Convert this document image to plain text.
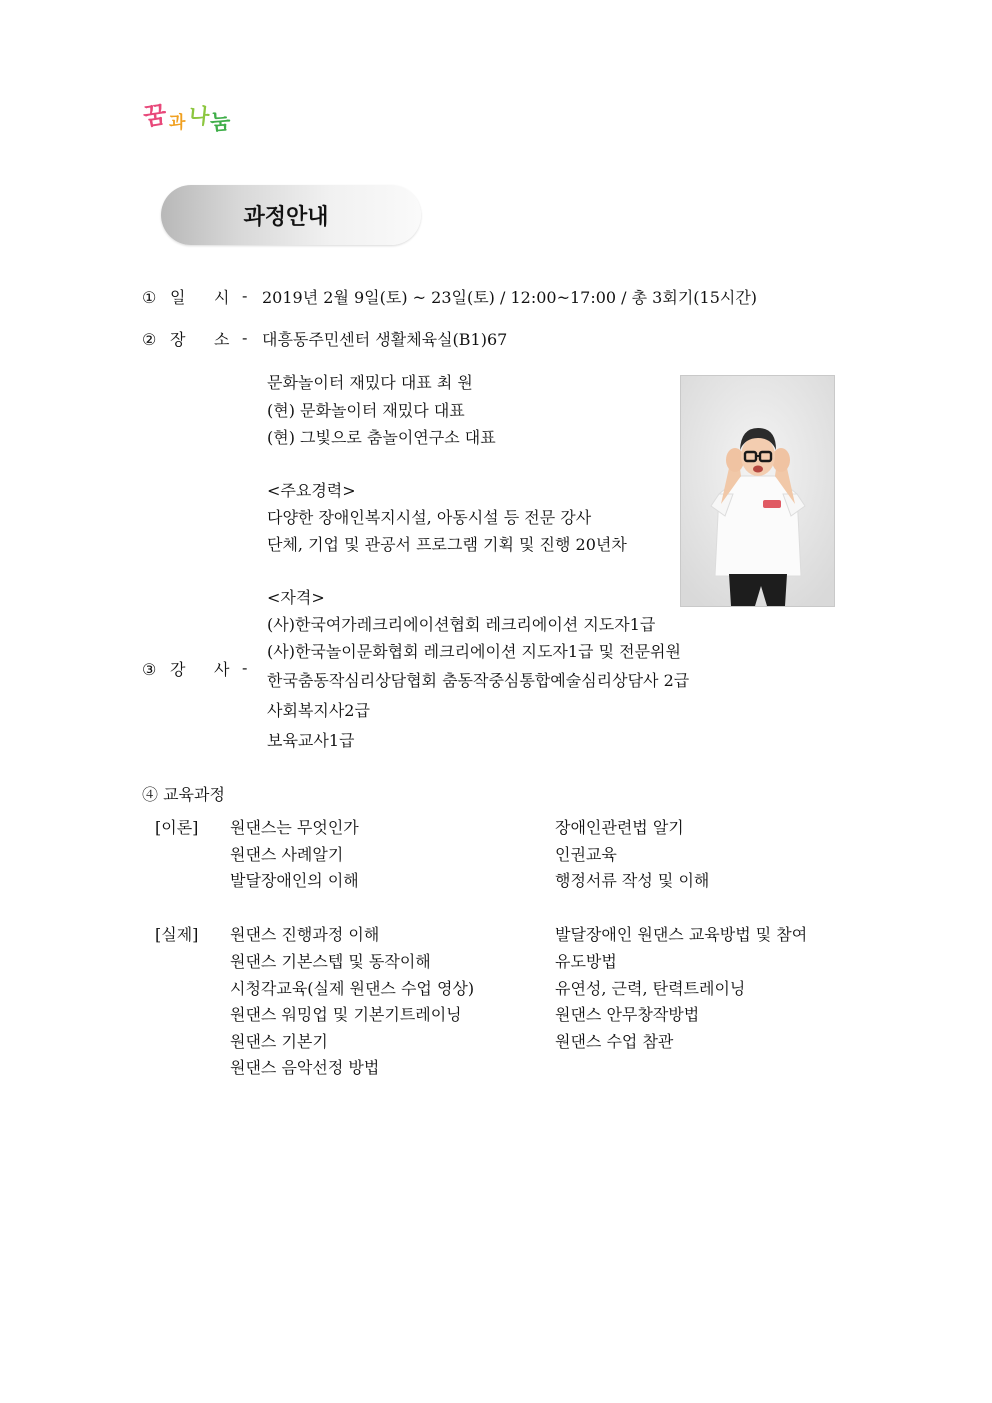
꿈 과 나
눔
과정안내
① 일 시 - 2019년 2월 9일(토) ~ 23일(토) / 12:00~17:00 / 총 3회기(15시간)
② 장 소 - 대흥동주민센터 생활체육실(B1)67
문화놀이터 재밌다 대표 최 원
(현) 문화놀이터 재밌다 대표
(현) 그빛으로 춤놀이연구소 대표
<주요경력>
다양한 장애인복지시설, 아동시설 등 전문 강사
단체, 기업 및 관공서 프로그램 기획 및 진행 20년차
<자격>
(사)한국여가레크리에이션협회 레크리에이션 지도자1급
(사)한국놀이문화협회 레크리에이션 지도자1급 및 전문위원
③ 강 사 -
한국춤동작심리상담협회 춤동작중심통합예술심리상담사 2급
사회복지사2급
보육교사1급
④ 교육과정
[이론] 원댄스는 무엇인가
원댄스 사례알기
발달장애인의 이해
장애인관련법 알기
인권교육
행정서류 작성 및 이해
[실제] 원댄스 진행과정 이해
원댄스 기본스텝 및 동작이해
시청각교육(실제 원댄스 수업 영상)
원댄스 워밍업 및 기본기트레이닝
원댄스 기본기
원댄스 음악선정 방법
발달장애인 원댄스 교육방법 및 참여
유도방법
유연성, 근력, 탄력트레이닝
원댄스 안무창작방법
원댄스 수업 참관
